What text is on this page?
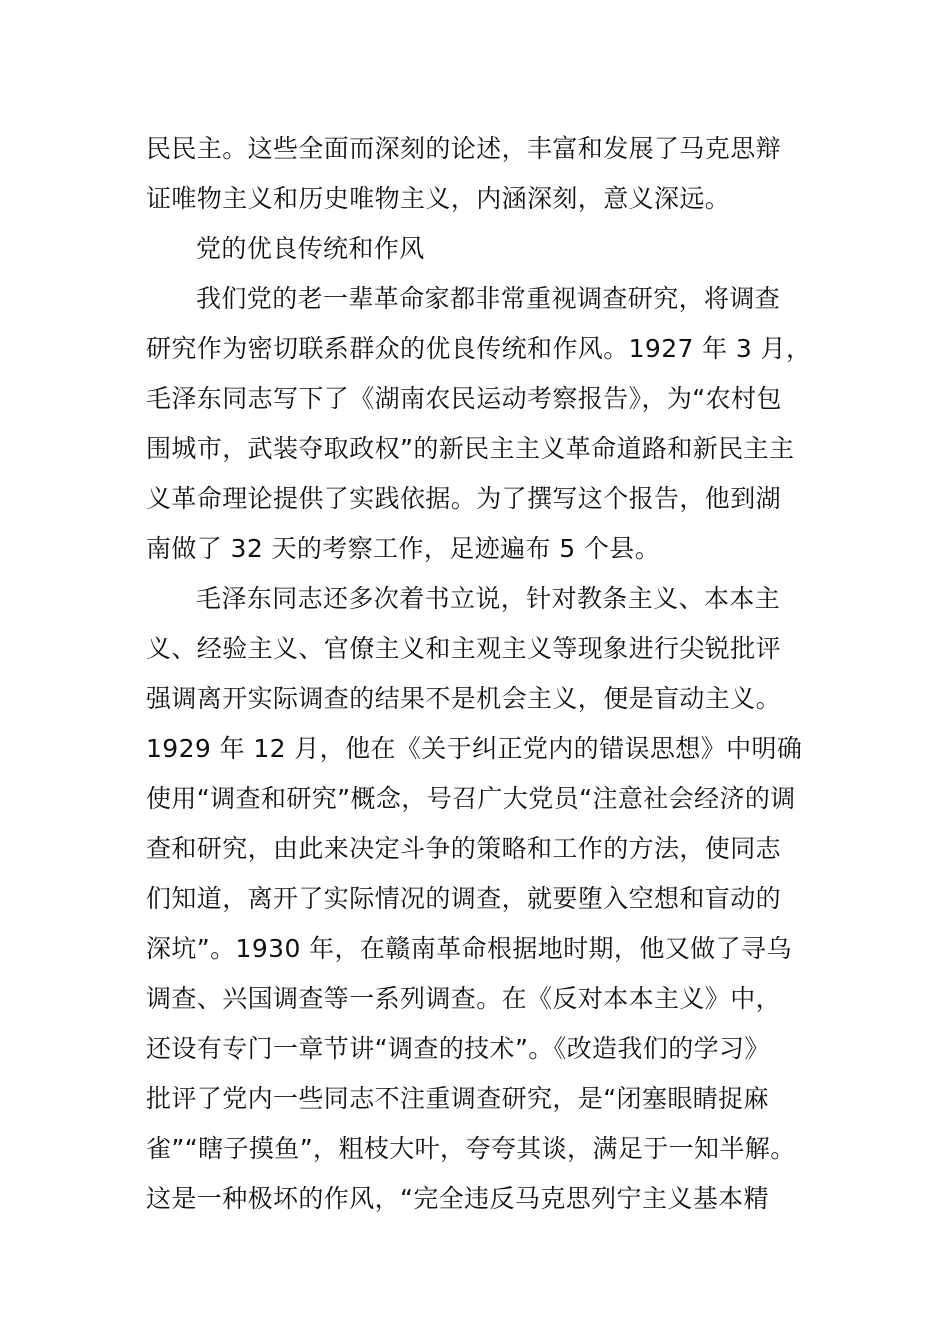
民民主。这些全面而深刻的论述，丰富和发展了马克思辩
证唯物主义和历史唯物主义，内涵深刻，意义深远。
党的优良传统和作风
我们党的老一辈革命家都非常重视调查研究，将调查
研究作为密切联系群众的优良传统和作风。1927 年 3 月，
毛泽东同志写下了《湖南农民运动考察报告》，为“农村包
围城市，武装夺取政权”的新民主主义革命道路和新民主主
义革命理论提供了实践依据。为了撰写这个报告，他到湖
南做了 32 天的考察工作，足迹遍布 5 个县。
毛泽东同志还多次着书立说，针对教条主义、本本主
义、经验主义、官僚主义和主观主义等现象进行尖锐批评
强调离开实际调查的结果不是机会主义，便是盲动主义。
1929 年 12 月，他在《关于纠正党内的错误思想》中明确
使用“调查和研究”概念，号召广大党员“注意社会经济的调
查和研究，由此来决定斗争的策略和工作的方法，使同志
们知道，离开了实际情况的调查，就要堕入空想和盲动的
深坑”。1930 年，在赣南革命根据地时期，他又做了寻乌
调查、兴国调查等一系列调查。在《反对本本主义》中，
还设有专门一章节讲“调查的技术”。《改造我们的学习》
批评了党内一些同志不注重调查研究，是“闭塞眼睛捉麻
雀”“瞎子摸鱼”，粗枝大叶，夸夸其谈，满足于一知半解。
这是一种极坏的作风，“完全违反马克思列宁主义基本精
